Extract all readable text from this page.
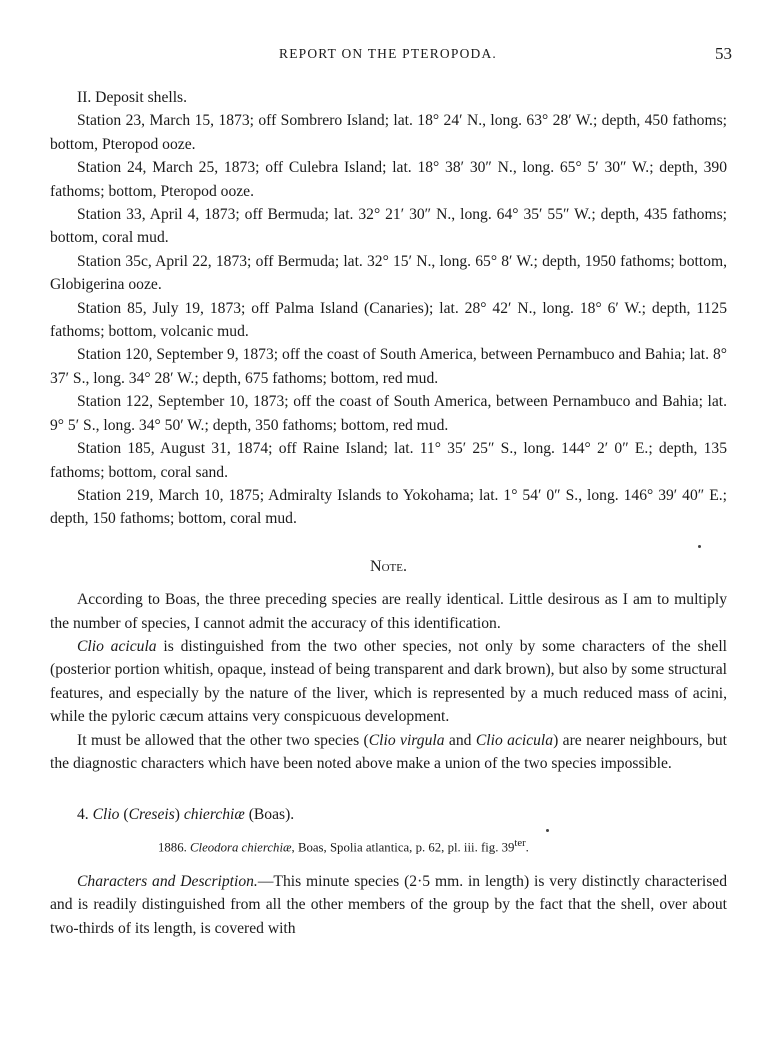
REPORT ON THE PTEROPODA.	53

II. Deposit shells.

Station 23, March 15, 1873; off Sombrero Island; lat. 18° 24′ N., long. 63° 28′ W.; depth, 450 fathoms; bottom, Pteropod ooze.

Station 24, March 25, 1873; off Culebra Island; lat. 18° 38′ 30″ N., long. 65° 5′ 30″ W.; depth, 390 fathoms; bottom, Pteropod ooze.

Station 33, April 4, 1873; off Bermuda; lat. 32° 21′ 30″ N., long. 64° 35′ 55″ W.; depth, 435 fathoms; bottom, coral mud.

Station 35c, April 22, 1873; off Bermuda; lat. 32° 15′ N., long. 65° 8′ W.; depth, 1950 fathoms; bottom, Globigerina ooze.

Station 85, July 19, 1873; off Palma Island (Canaries); lat. 28° 42′ N., long. 18° 6′ W.; depth, 1125 fathoms; bottom, volcanic mud.

Station 120, September 9, 1873; off the coast of South America, between Pernambuco and Bahia; lat. 8° 37′ S., long. 34° 28′ W.; depth, 675 fathoms; bottom, red mud.

Station 122, September 10, 1873; off the coast of South America, between Pernambuco and Bahia; lat. 9° 5′ S., long. 34° 50′ W.; depth, 350 fathoms; bottom, red mud.

Station 185, August 31, 1874; off Raine Island; lat. 11° 35′ 25″ S., long. 144° 2′ 0″ E.; depth, 135 fathoms; bottom, coral sand.

Station 219, March 10, 1875; Admiralty Islands to Yokohama; lat. 1° 54′ 0″ S., long. 146° 39′ 40″ E.; depth, 150 fathoms; bottom, coral mud.

Note.

According to Boas, the three preceding species are really identical. Little desirous as I am to multiply the number of species, I cannot admit the accuracy of this identification.

Clio acicula is distinguished from the two other species, not only by some characters of the shell (posterior portion whitish, opaque, instead of being transparent and dark brown), but also by some structural features, and especially by the nature of the liver, which is represented by a much reduced mass of acini, while the pyloric cæcum attains very conspicuous development.

It must be allowed that the other two species (Clio virgula and Clio acicula) are nearer neighbours, but the diagnostic characters which have been noted above make a union of the two species impossible.

4. Clio (Creseis) chierchiæ (Boas).

1886. Cleodora chierchiæ, Boas, Spolia atlantica, p. 62, pl. iii. fig. $39^{ter}$.

Characters and Description.—This minute species (2·5 mm. in length) is very distinctly characterised and is readily distinguished from all the other members of the group by the fact that the shell, over about two-thirds of its length, is covered with
